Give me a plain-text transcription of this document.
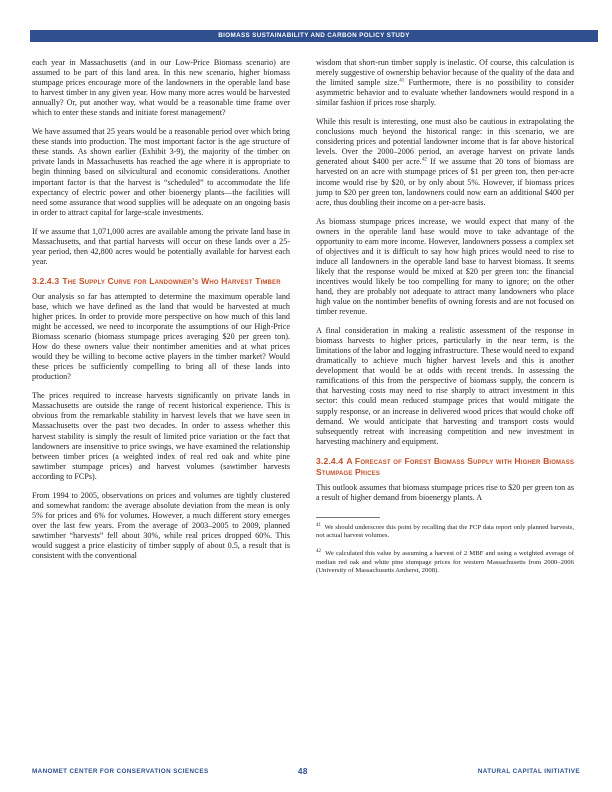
BIOMASS SUSTAINABILITY AND CARBON POLICY STUDY

each year in Massachusetts (and in our Low-Price Biomass scenario) are assumed to be part of this land area. In this new scenario, higher biomass stumpage prices encourage more of the landowners in the operable land base to harvest timber in any given year. How many more acres would be harvested annually? Or, put another way, what would be a reasonable time frame over which to enter these stands and initiate forest management?

We have assumed that 25 years would be a reasonable period over which bring these stands into production. The most important factor is the age structure of these stands. As shown earlier (Exhibit 3-9), the majority of the timber on private lands in Massachusetts has reached the age where it is appropriate to begin thinning based on silvicultural and economic considerations. Another important factor is that the harvest is “scheduled” to accommodate the life expectancy of electric power and other bioenergy plants—the facilities will need some assurance that wood supplies will be adequate on an ongoing basis in order to attract capital for large-scale investments.

If we assume that 1,071,000 acres are available among the private land base in Massachusetts, and that partial harvests will occur on these lands over a 25-year period, then 42,800 acres would be potentially available for harvest each year.

3.2.4.3 The Supply Curve for Landowner’s Who Harvest Timber

Our analysis so far has attempted to determine the maximum operable land base, which we have defined as the land that would be harvested at much higher prices. In order to provide more perspective on how much of this land might be accessed, we need to incorporate the assumptions of our High-Price Biomass scenario (biomass stumpage prices averaging $20 per green ton). How do these owners value their nontimber amenities and at what prices would they be willing to become active players in the timber market? Would these prices be sufficiently compelling to bring all of these lands into production?

The prices required to increase harvests significantly on private lands in Massachusetts are outside the range of recent historical experience. This is obvious from the remarkable stability in harvest levels that we have seen in Massachusetts over the past two decades. In order to assess whether this harvest stability is simply the result of limited price variation or the fact that landowners are insensitive to price swings, we have examined the relationship between timber prices (a weighted index of real red oak and white pine sawtimber stumpage prices) and harvest volumes (sawtimber harvests according to FCPs).

From 1994 to 2005, observations on prices and volumes are tightly clustered and somewhat random: the average absolute deviation from the mean is only 5% for prices and 6% for volumes. However, a much different story emerges over the last few years. From the average of 2003–2005 to 2009, planned sawtimber “harvests” fell about 30%, while real prices dropped 60%. This would suggest a price elasticity of timber supply of about 0.5, a result that is consistent with the conventional

wisdom that short-run timber supply is inelastic. Of course, this calculation is merely suggestive of ownership behavior because of the quality of the data and the limited sample size.$^{41}$ Furthermore, there is no possibility to consider asymmetric behavior and to evaluate whether landowners would respond in a similar fashion if prices rose sharply.

While this result is interesting, one must also be cautious in extrapolating the conclusions much beyond the historical range: in this scenario, we are considering prices and potential landowner income that is far above historical levels. Over the 2000–2006 period, an average harvest on private lands generated about $400 per acre.$^{42}$ If we assume that 20 tons of biomass are harvested on an acre with stumpage prices of $1 per green ton, then per-acre income would rise by $20, or by only about 5%. However, if biomass prices jump to $20 per green ton, landowners could now earn an additional $400 per acre, thus doubling their income on a per-acre basis.

As biomass stumpage prices increase, we would expect that many of the owners in the operable land base would move to take advantage of the opportunity to earn more income. However, landowners possess a complex set of objectives and it is difficult to say how high prices would need to rise to induce all landowners in the operable land base to harvest biomass. It seems likely that the response would be mixed at $20 per green ton: the financial incentives would likely be too compelling for many to ignore; on the other hand, they are probably not adequate to attract many landowners who place high value on the nontimber benefits of owning forests and are not focused on timber revenue.

A final consideration in making a realistic assessment of the response in biomass harvests to higher prices, particularly in the near term, is the limitations of the labor and logging infrastructure. These would need to expand dramatically to achieve much higher harvest levels and this is another development that would be at odds with recent trends. In assessing the ramifications of this from the perspective of biomass supply, the concern is that harvesting costs may need to rise sharply to attract investment in this sector: this could mean reduced stumpage prices that would mitigate the supply response, or an increase in delivered wood prices that would choke off demand. We would anticipate that harvesting and transport costs would subsequently retreat with increasing competition and new investment in harvesting machinery and equipment.

3.2.4.4 A Forecast of Forest Biomass Supply with Higher Biomass Stumpage Prices

This outlook assumes that biomass stumpage prices rise to $20 per green ton as a result of higher demand from bioenergy plants. A

$^{41}$ We should underscore this point by recalling that the FCP data report only planned harvests, not actual harvest volumes.

$^{42}$ We calculated this value by assuming a harvest of 2 MBF and using a weighted average of median red oak and white pine stumpage prices for western Massachusetts from 2000–2006 (University of Massachusetts Amherst, 2008).

MANOMET CENTER FOR CONSERVATION SCIENCES	48	NATURAL CAPITAL INITIATIVE
